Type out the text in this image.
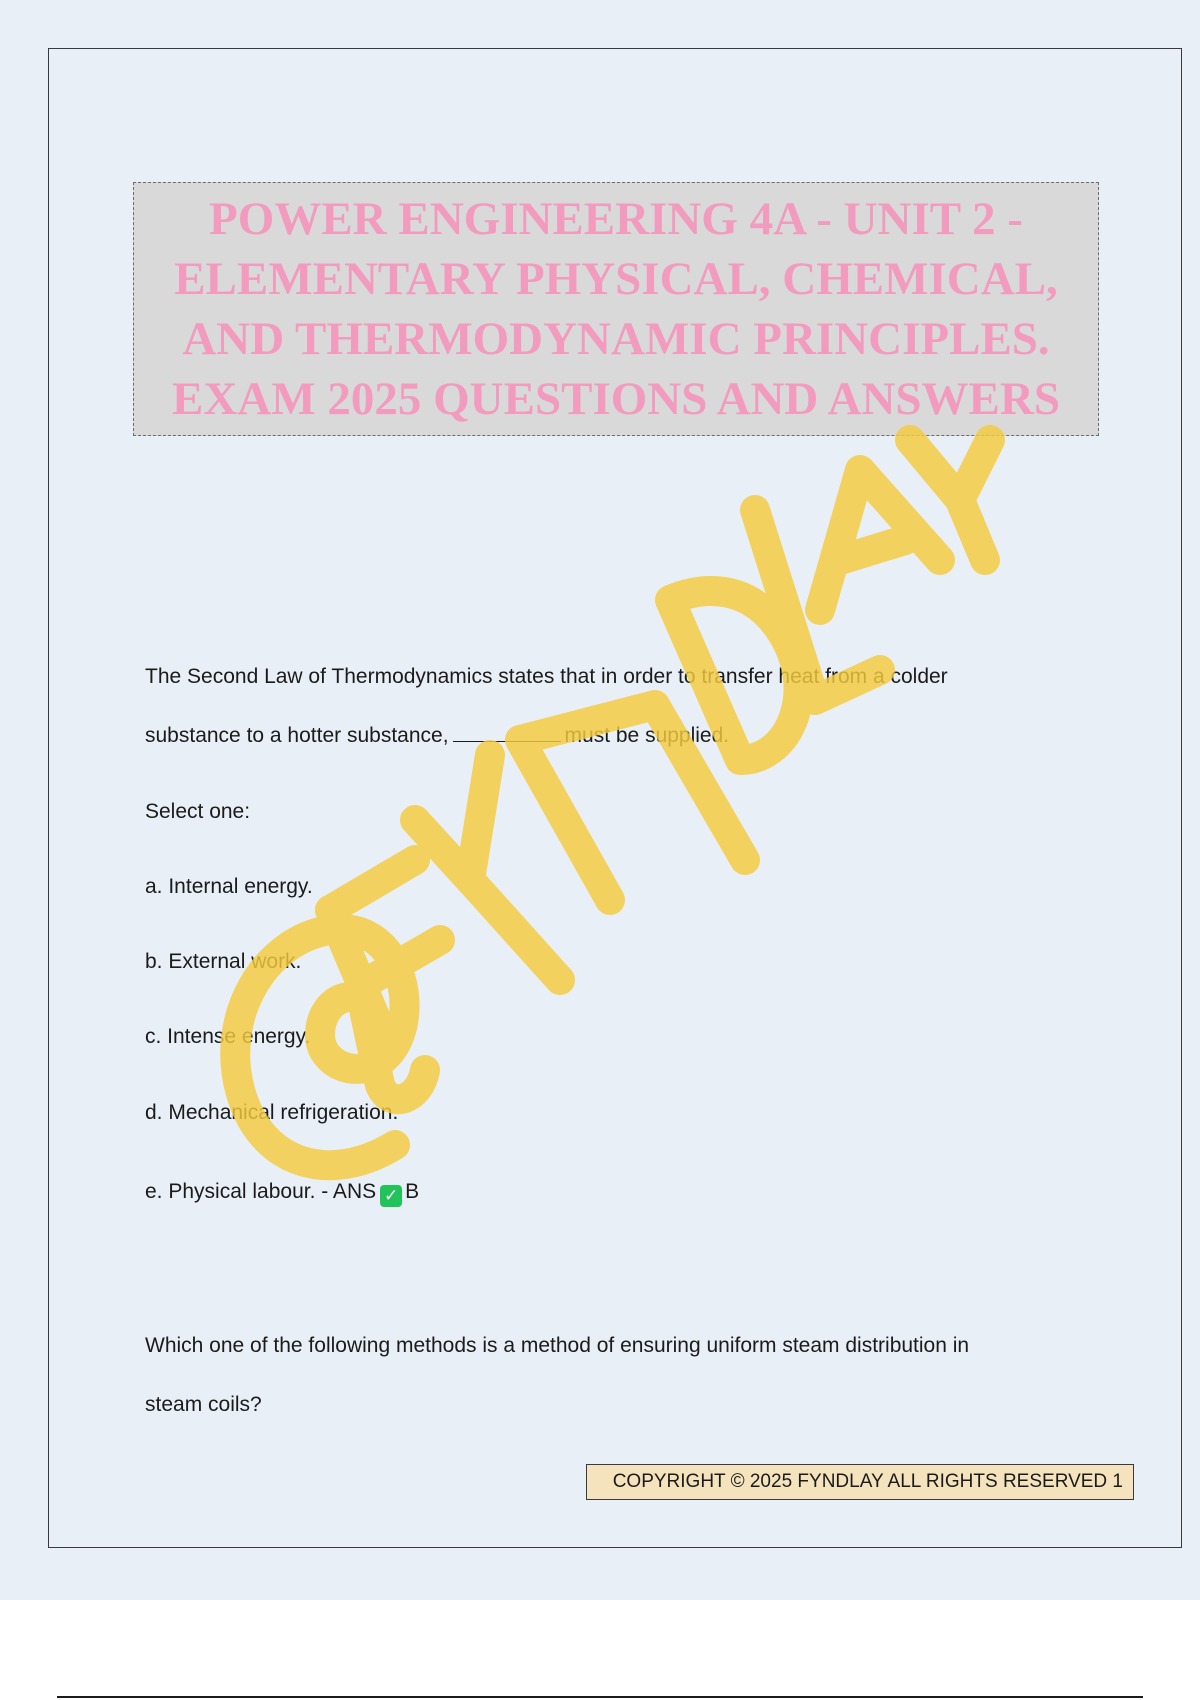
POWER ENGINEERING 4A - UNIT 2 -
ELEMENTARY PHYSICAL, CHEMICAL,
AND THERMODYNAMIC PRINCIPLES.
EXAM 2025 QUESTIONS AND ANSWERS
The Second Law of Thermodynamics states that in order to transfer heat from a colder
substance to a hotter substance,	must be supplied.
Select one:
a. Internal energy.
b. External work.
c. Intense energy.
d. Mechanical refrigeration.
e. Physical labour. - ANS ✓ B
Which one of the following methods is a method of ensuring uniform steam distribution in
steam coils?
COPYRIGHT © 2025 FYNDLAY ALL RIGHTS RESERVED 1
